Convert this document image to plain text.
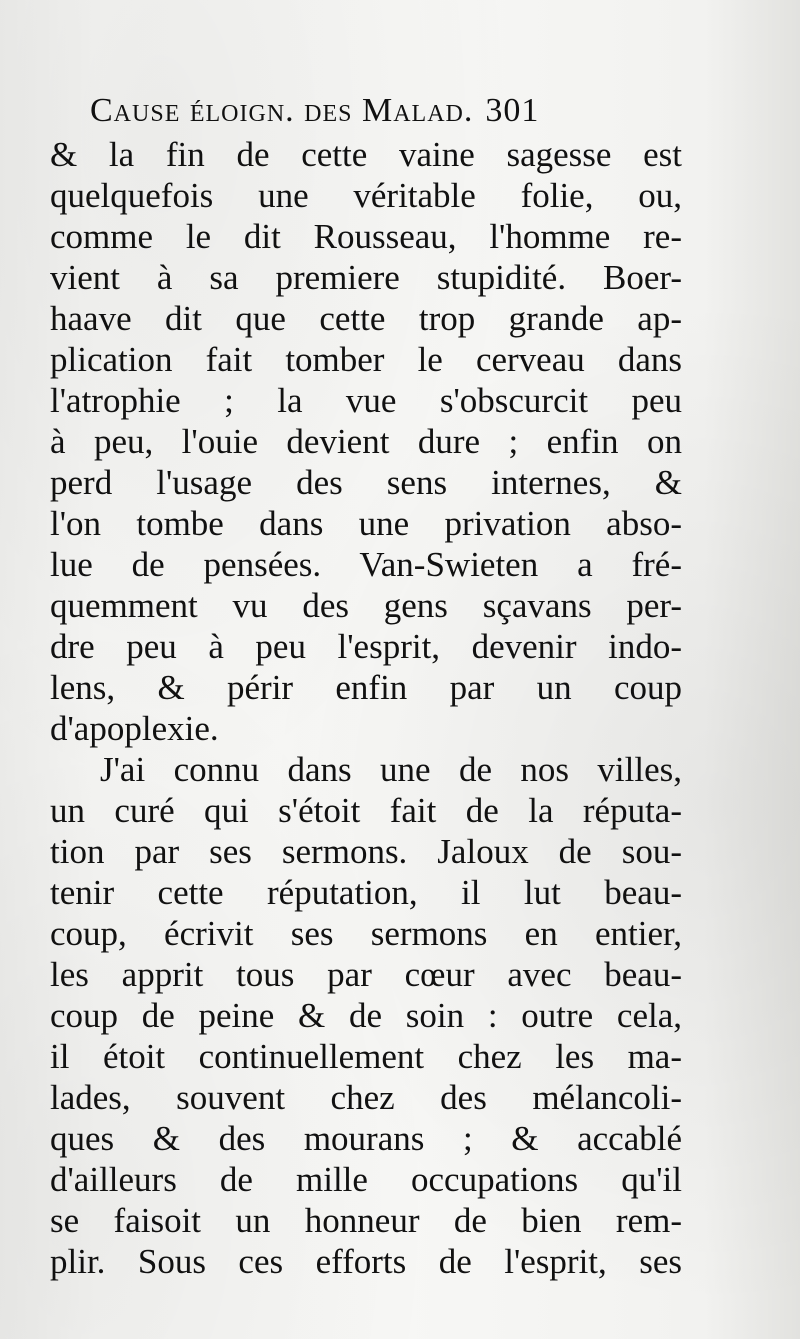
Cause éloign. des Malad. 301
& la fin de cette vaine sagesse est
quelquefois une véritable folie, ou,
comme le dit Rousseau, l'homme re-
vient à sa premiere stupidité. Boer-
haave dit que cette trop grande ap-
plication fait tomber le cerveau dans
l'atrophie ; la vue s'obscurcit peu
à peu, l'ouie devient dure ; enfin on
perd l'usage des sens internes, &
l'on tombe dans une privation abso-
lue de pensées. Van-Swieten a fré-
quemment vu des gens sçavans per-
dre peu à peu l'esprit, devenir indo-
lens, & périr enfin par un coup
d'apoplexie.
J'ai connu dans une de nos villes,
un curé qui s'étoit fait de la réputa-
tion par ses sermons. Jaloux de sou-
tenir cette réputation, il lut beau-
coup, écrivit ses sermons en entier,
les apprit tous par cœur avec beau-
coup de peine & de soin : outre cela,
il étoit continuellement chez les ma-
lades, souvent chez des mélancoli-
ques & des mourans ; & accablé
d'ailleurs de mille occupations qu'il
se faisoit un honneur de bien rem-
plir. Sous ces efforts de l'esprit, ses
